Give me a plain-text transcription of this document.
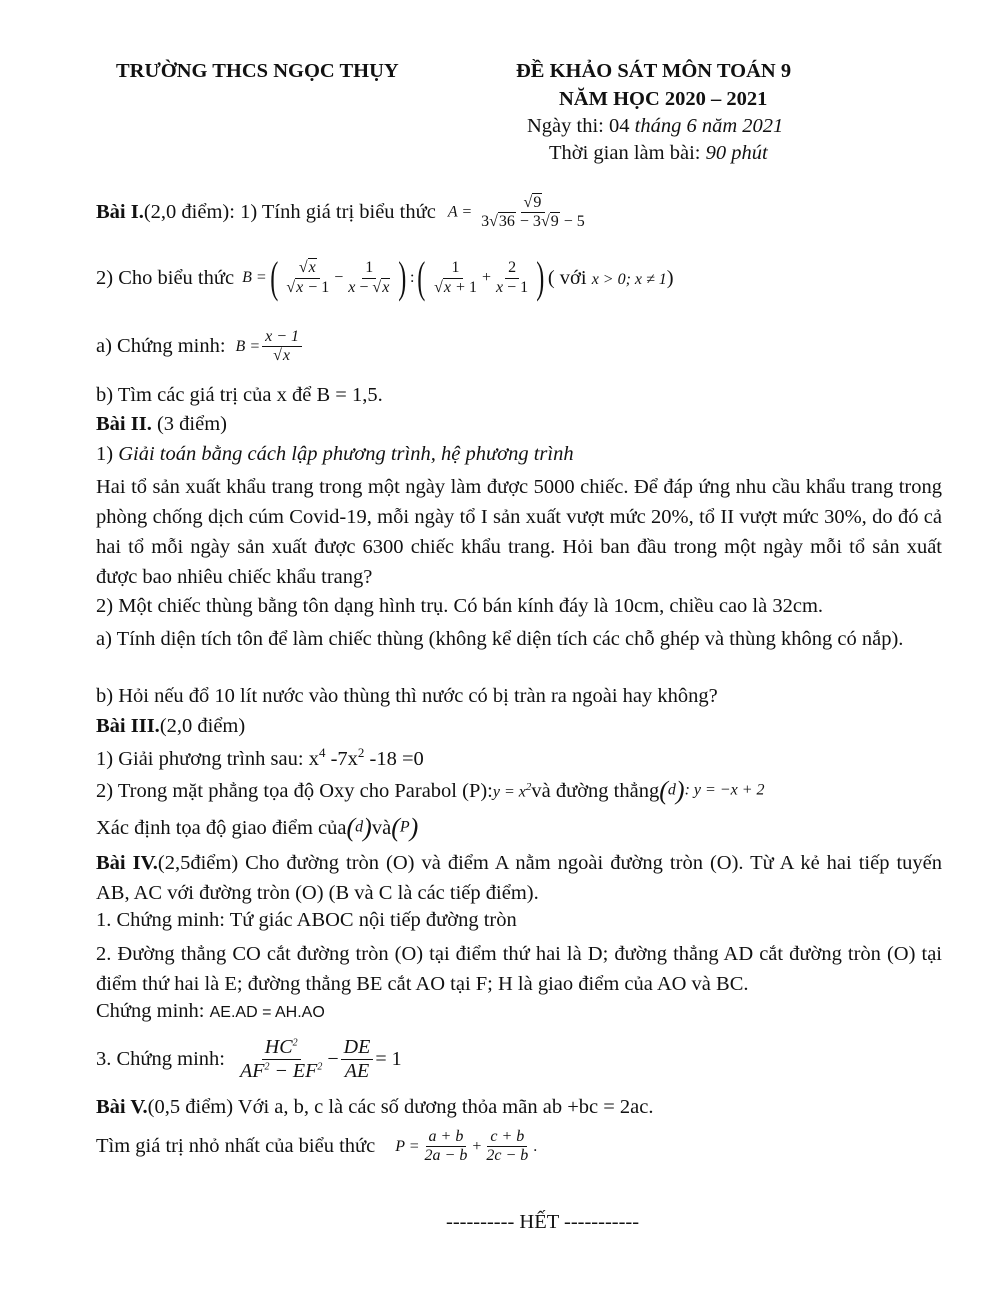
TRƯỜNG THCS NGỌC THỤY	ĐỀ KHẢO SÁT MÔN TOÁN 9
NĂM HỌC 2020 – 2021
Ngày thi: 04 tháng 6 năm 2021
Thời gian làm bài: 90 phút
Bài I. (2,0 điểm): 1) Tính giá trị biểu thức $A = \frac{√9}{3√36 - 3√9 - 5}$
2) Cho biểu thức B = ( √x
√x − 1
− $\frac{1}{x - √x}$ ) : ( 1
√x + 1
+ $\frac{2}{x - 1}$ ) ( với x > 0; x ≠ 1)
a) Chứng minh: $B = \frac{x - 1}{√x}$
b) Tìm các giá trị của x để B = 1,5.
Bài II. (3 điểm)
1) Giải toán bằng cách lập phương trình, hệ phương trình
Hai tổ sản xuất khẩu trang trong một ngày làm được 5000 chiếc. Để đáp ứng nhu cầu khẩu trang trong phòng chống dịch cúm Covid-19, mỗi ngày tổ I sản xuất vượt mức 20%, tổ II vượt mức 30%, do đó cả hai tổ mỗi ngày sản xuất được 6300 chiếc khẩu trang. Hỏi ban đầu trong một ngày mỗi tổ sản xuất được bao nhiêu chiếc khẩu trang?
2) Một chiếc thùng bằng tôn dạng hình trụ. Có bán kính đáy là 10cm, chiều cao là 32cm.
a) Tính diện tích tôn để làm chiếc thùng (không kể diện tích các chỗ ghép và thùng không có nắp).
b) Hỏi nếu đổ 10 lít nước vào thùng thì nước có bị tràn ra ngoài hay không?
Bài III.(2,0 điểm)
1) Giải phương trình sau: $x^4$ $-7x^2$ -18 =0
2) Trong mặt phẳng tọa độ Oxy cho Parabol (P): $y = x^2$ và đường thẳng (d): y = −x + 2
Xác định tọa độ giao điểm của (d) và (P)
Bài IV.(2,5điểm) Cho đường tròn (O) và điểm A nằm ngoài đường tròn (O). Từ A kẻ hai tiếp tuyến AB, AC với đường tròn (O) (B và C là các tiếp điểm).
1. Chứng minh: Tứ giác ABOC nội tiếp đường tròn
2. Đường thẳng CO cắt đường tròn (O) tại điểm thứ hai là D; đường thẳng AD cắt đường tròn (O) tại điểm thứ hai là E; đường thẳng BE cắt AO tại F; H là giao điểm của AO và BC.
Chứng minh: AE.AD = AH.AO
3. Chứng minh:
$HC^2$
$AF^2 - EF^2 - \frac{DE}{AE} = 1$
Bài V.(0,5 điểm) Với a, b, c là các số dương thỏa mãn ab +bc = 2ac.
Tìm giá trị nhỏ nhất của biểu thức $P = \frac{a + b}{2a - b} + \frac{c + b}{2c - b}$ .
---------- HẾT -----------
